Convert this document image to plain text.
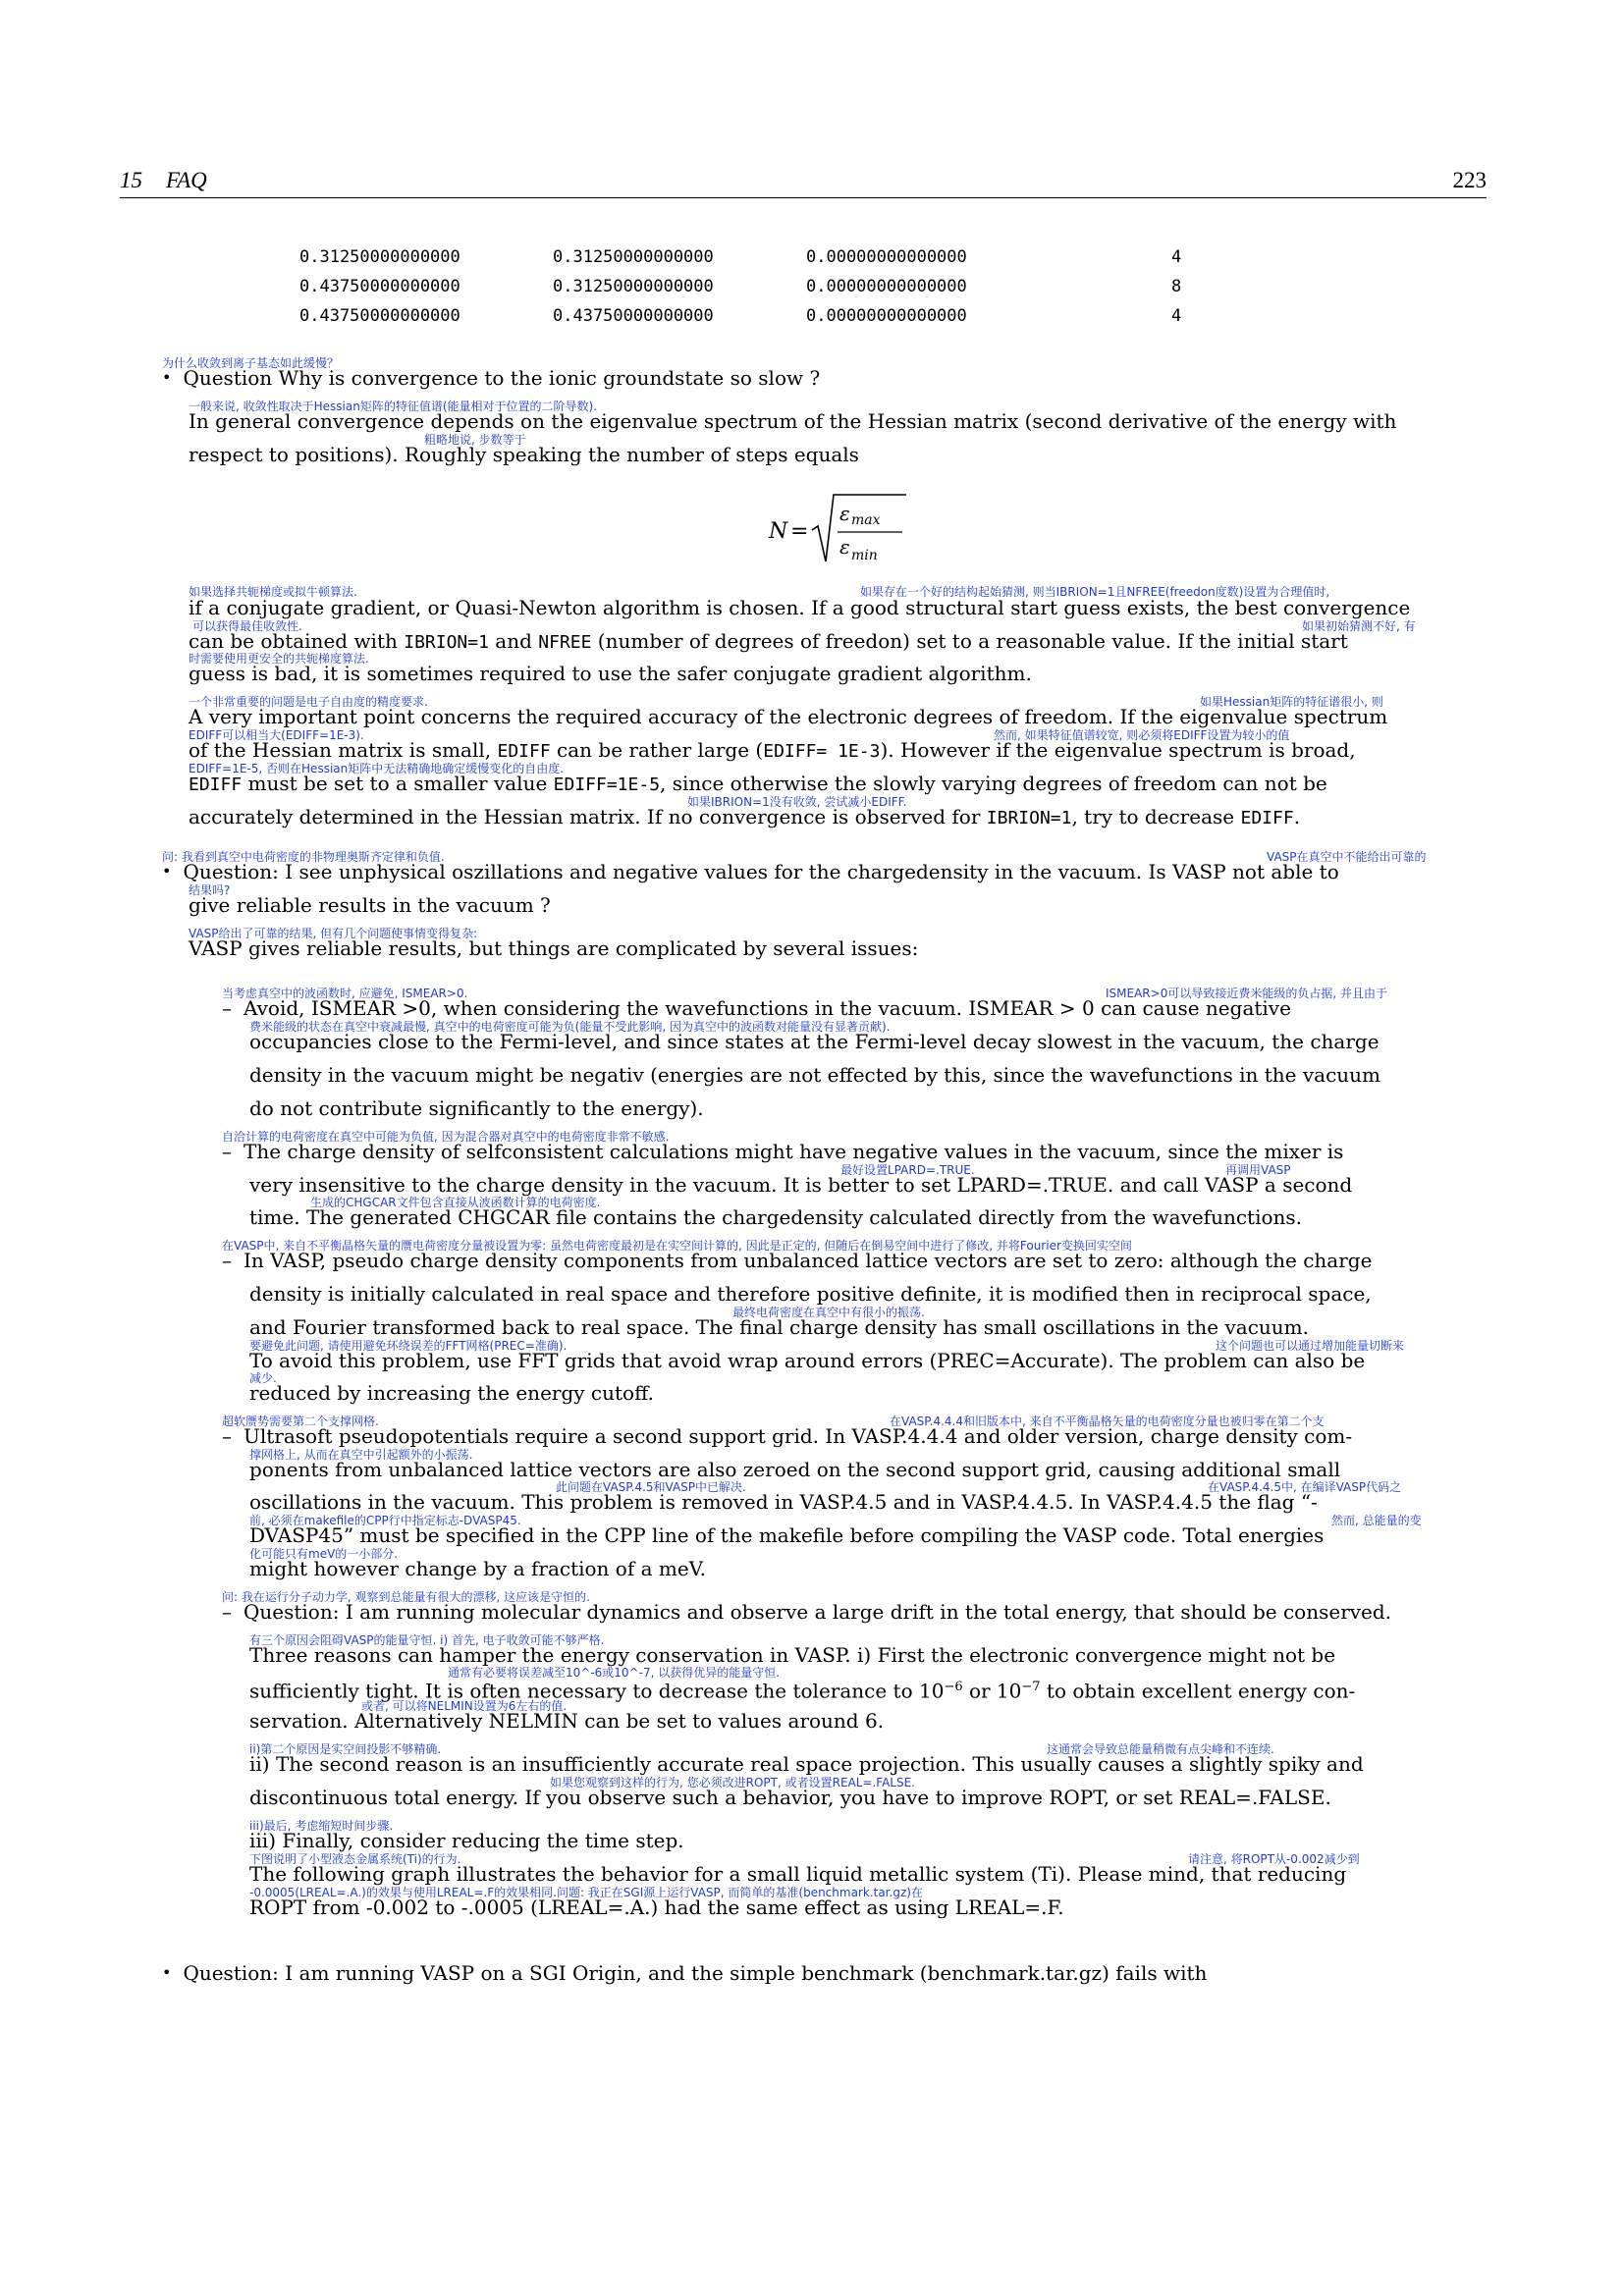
15 FAQ	223
0.31250000000000	0.31250000000000	0.00000000000000	4
0.43750000000000	0.31250000000000	0.00000000000000	8
0.43750000000000	0.43750000000000	0.00000000000000	4
为什么收敛到离子基态如此缓慢？
• Question Why is convergence to the ionic groundstate so slow ?
一般来说, 收敛性取决于Hessian矩阵的特征值谱(能量相对于位置的二阶导数).
In general convergence depends on the eigenvalue spectrum of the Hessian matrix (second derivative of the energy with
粗略地说, 步数等于
respect to positions). Roughly speaking the number of steps equals
N =
ε max
ε min
如果选择共轭梯度或拟牛顿算法.	如果存在一个好的结构起始猜测, 则当IBRION=1且NFREE(freedon度数)设置为合理值时,
if a conjugate gradient, or Quasi-Newton algorithm is chosen. If a good structural start guess exists, the best convergence
可以获得最佳收敛性.	如果初始猜测不好, 有
can be obtained with IBRION=1 and NFREE (number of degrees of freedon) set to a reasonable value. If the initial start
时需要使用更安全的共轭梯度算法.
guess is bad, it is sometimes required to use the safer conjugate gradient algorithm.
一个非常重要的问题是电子自由度的精度要求.	如果Hessian矩阵的特征谱很小, 则
A very important point concerns the required accuracy of the electronic degrees of freedom. If the eigenvalue spectrum
EDIFF可以相当大(EDIFF=1E-3).	然而, 如果特征值谱较宽, 则必须将EDIFF设置为较小的值
of the Hessian matrix is small, EDIFF can be rather large (EDIFF= 1E-3). However if the eigenvalue spectrum is broad,
EDIFF=1E-5, 否则在Hessian矩阵中无法精确地确定缓慢变化的自由度.
EDIFF must be set to a smaller value EDIFF=1E-5, since otherwise the slowly varying degrees of freedom can not be
如果IBRION=1没有收敛, 尝试减小EDIFF.
accurately determined in the Hessian matrix. If no convergence is observed for IBRION=1, try to decrease EDIFF.
问: 我看到真空中电荷密度的非物理奥斯齐定律和负值.	VASP在真空中不能给出可靠的
• Question: I see unphysical oszillations and negative values for the chargedensity in the vacuum. Is VASP not able to
结果吗?
give reliable results in the vacuum ?
VASP给出了可靠的结果, 但有几个问题使事情变得复杂:
VASP gives reliable results, but things are complicated by several issues:
当考虑真空中的波函数时, 应避免, ISMEAR>0.	ISMEAR>0可以导致接近费米能级的负占据, 并且由于
– Avoid, ISMEAR >0, when considering the wavefunctions in the vacuum. ISMEAR > 0 can cause negative
费米能级的状态在真空中衰减最慢, 真空中的电荷密度可能为负(能量不受此影响, 因为真空中的波函数对能量没有显著贡献).
occupancies close to the Fermi-level, and since states at the Fermi-level decay slowest in the vacuum, the charge
density in the vacuum might be negativ (energies are not effected by this, since the wavefunctions in the vacuum
do not contribute significantly to the energy).
自洽计算的电荷密度在真空中可能为负值, 因为混合器对真空中的电荷密度非常不敏感.
– The charge density of selfconsistent calculations might have negative values in the vacuum, since the mixer is
最好设置LPARD=.TRUE.	再调用VASP
very insensitive to the charge density in the vacuum. It is better to set LPARD=.TRUE. and call VASP a second
生成的CHGCAR文件包含直接从波函数计算的电荷密度.
time. The generated CHGCAR file contains the chargedensity calculated directly from the wavefunctions.
在VASP中, 来自不平衡晶格矢量的赝电荷密度分量被设置为零: 虽然电荷密度最初是在实空间计算的, 因此是正定的, 但随后在倒易空间中进行了修改, 并将Fourier变换回实空间
– In VASP, pseudo charge density components from unbalanced lattice vectors are set to zero: although the charge
density is initially calculated in real space and therefore positive definite, it is modified then in reciprocal space,
最终电荷密度在真空中有很小的振荡.
and Fourier transformed back to real space. The final charge density has small oscillations in the vacuum.
要避免此问题, 请使用避免环绕误差的FFT网格(PREC=准确).	这个问题也可以通过增加能量切断来
To avoid this problem, use FFT grids that avoid wrap around errors (PREC=Accurate). The problem can also be
减少.
reduced by increasing the energy cutoff.
超软赝势需要第二个支撑网格.	在VASP.4.4.4和旧版本中, 来自不平衡晶格矢量的电荷密度分量也被归零在第二个支
– Ultrasoft pseudopotentials require a second support grid. In VASP.4.4.4 and older version, charge density com-
撑网格上, 从而在真空中引起额外的小振荡.
ponents from unbalanced lattice vectors are also zeroed on the second support grid, causing additional small
此问题在VASP.4.5和VASP中已解决.	在VASP.4.4.5中, 在编译VASP代码之
oscillations in the vacuum. This problem is removed in VASP.4.5 and in VASP.4.4.5. In VASP.4.4.5 the flag “-
前, 必须在makefile的CPP行中指定标志-DVASP45.	然而, 总能量的变
DVASP45” must be specified in the CPP line of the makefile before compiling the VASP code. Total energies
化可能只有meV的一小部分.
might however change by a fraction of a meV.
问: 我在运行分子动力学, 观察到总能量有很大的漂移, 这应该是守恒的.
– Question: I am running molecular dynamics and observe a large drift in the total energy, that should be conserved.
有三个原因会阻碍VASP的能量守恒. i) 首先, 电子收敛可能不够严格.
Three reasons can hamper the energy conservation in VASP. i) First the electronic convergence might not be
通常有必要将误差减至10^-6或10^-7, 以获得优异的能量守恒.
sufficiently tight. It is often necessary to decrease the tolerance to $10^{-6}$ or $10^{-7}$ to obtain excellent energy con-
或者, 可以将NELMIN设置为6左右的值.
servation. Alternatively NELMIN can be set to values around 6.
ii)第二个原因是实空间投影不够精确.	这通常会导致总能量稍微有点尖峰和不连续.
ii) The second reason is an insufficiently accurate real space projection. This usually causes a slightly spiky and
如果您观察到这样的行为, 您必须改进ROPT, 或者设置REAL=.FALSE.
discontinuous total energy. If you observe such a behavior, you have to improve ROPT, or set REAL=.FALSE.
iii)最后, 考虑缩短时间步骤.
iii) Finally, consider reducing the time step.
下图说明了小型液态金属系统(Ti)的行为.	请注意, 将ROPT从-0.002减少到
The following graph illustrates the behavior for a small liquid metallic system (Ti). Please mind, that reducing
-0.0005(LREAL=.A.)的效果与使用LREAL=.F的效果相同.问题: 我正在SGI源上运行VASP, 而简单的基准(benchmark.tar.gz)在
ROPT from -0.002 to -.0005 (LREAL=.A.) had the same effect as using LREAL=.F.
• Question: I am running VASP on a SGI Origin, and the simple benchmark (benchmark.tar.gz) fails with
